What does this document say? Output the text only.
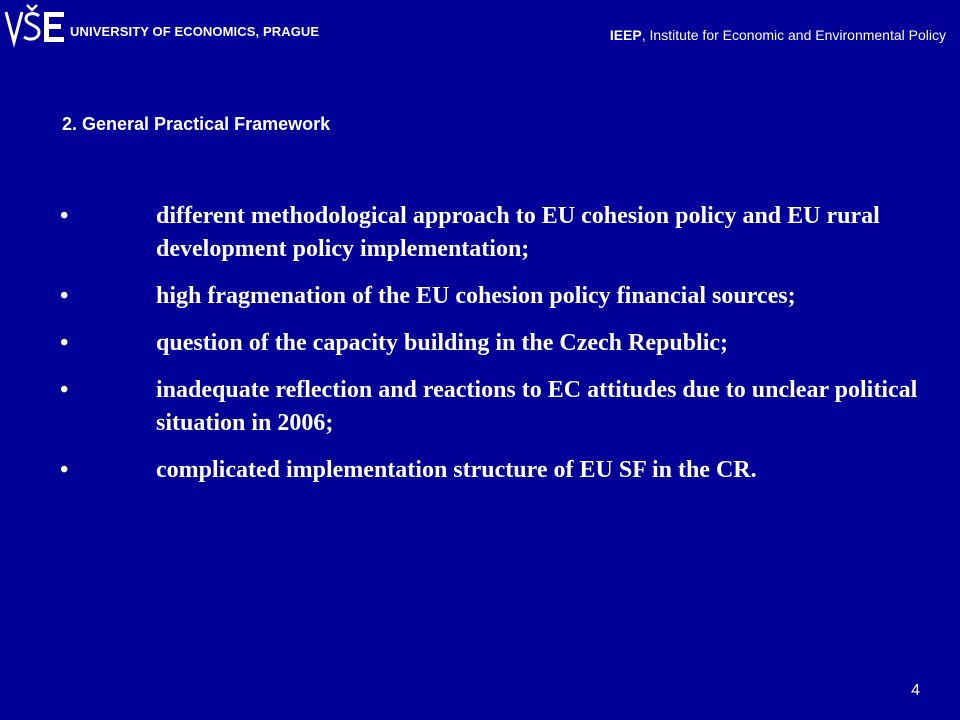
UNIVERSITY OF ECONOMICS, PRAGUE	IEEP, Institute for Economic and Environmental Policy
2. General Practical Framework
•	different methodological approach to EU cohesion policy and EU rural development policy implementation;
•	high fragmenation of the EU cohesion policy financial sources;
•	question of the capacity building in the Czech Republic;
•	inadequate reflection and reactions to EC attitudes due to unclear political situation in 2006;
•	complicated implementation structure of EU SF in the CR.
4
